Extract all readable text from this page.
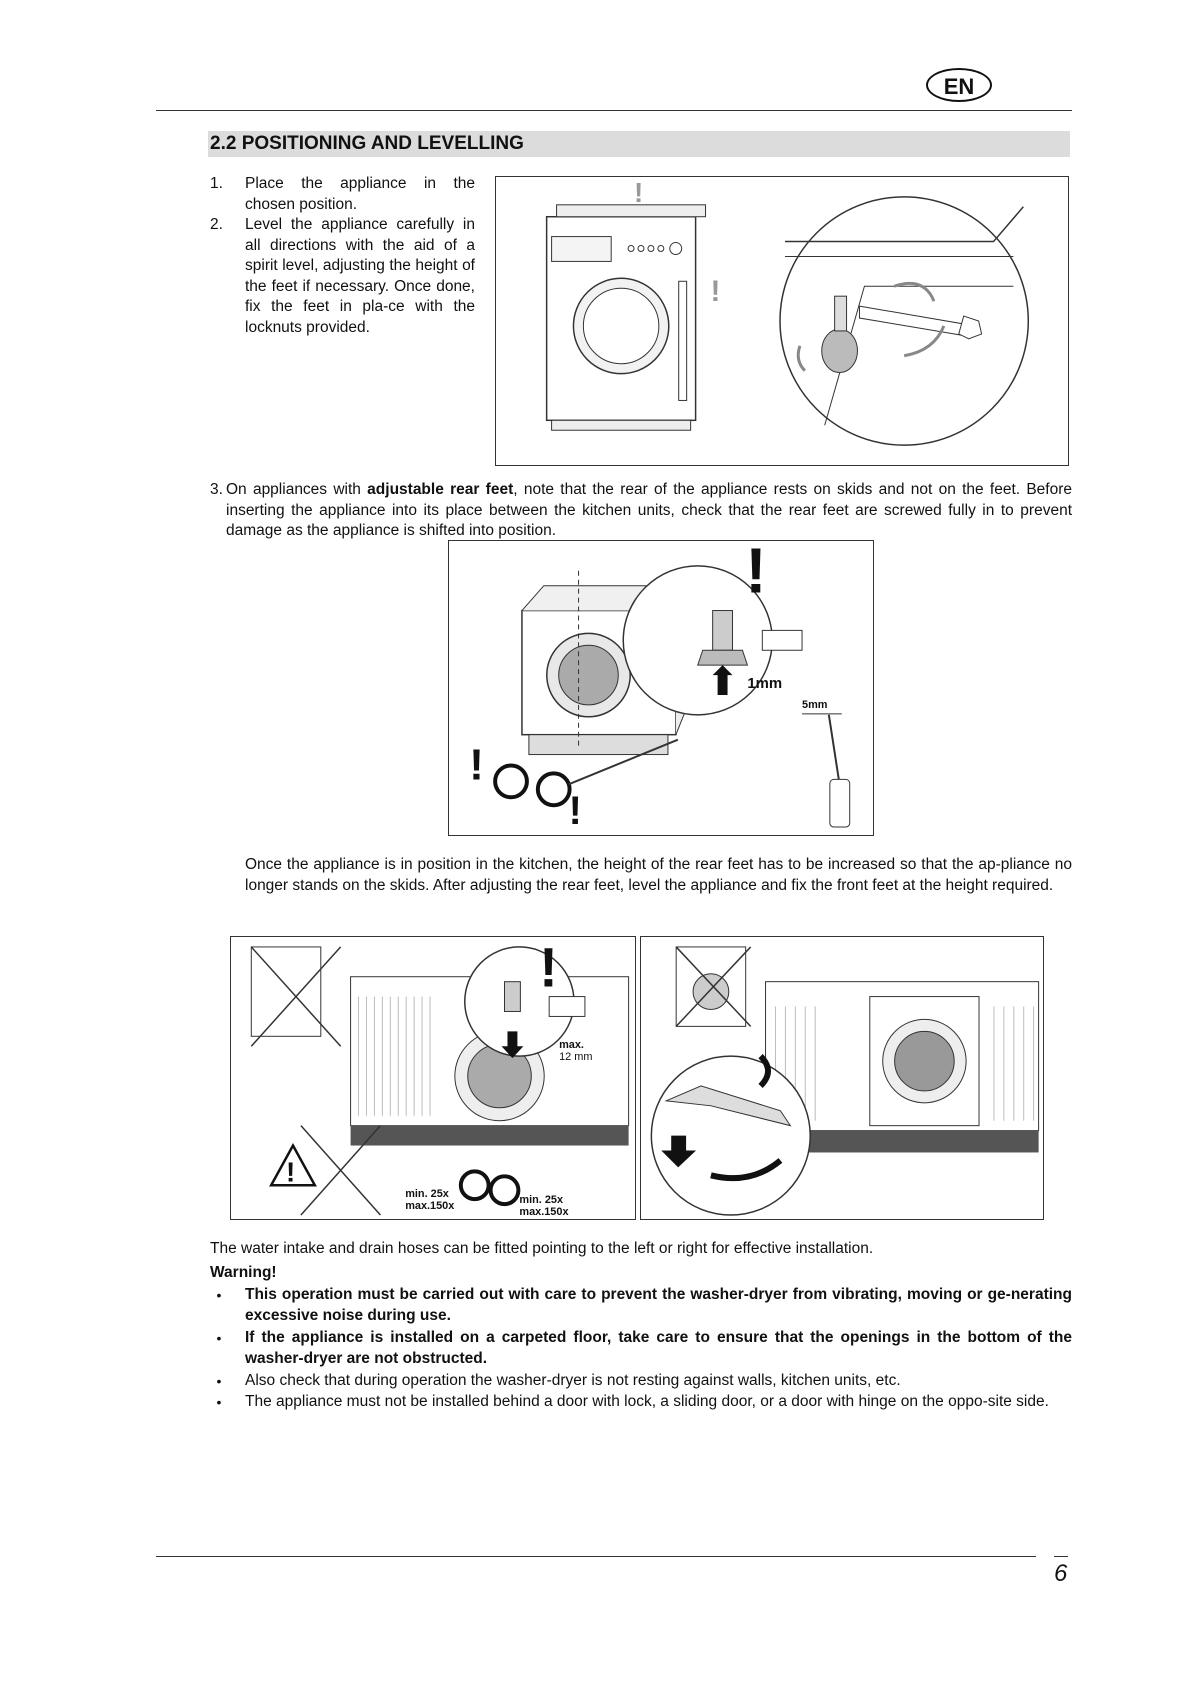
EN
2.2 POSITIONING AND LEVELLING
1.	Place the appliance in the chosen position.
2.	Level the appliance carefully in all directions with the aid of a spirit level, adjusting the height of the feet if necessary. Once done, fix the feet in pla-ce with the locknuts provided.
!
!
3. On appliances with adjustable rear feet, note that the rear of the appliance rests on skids and not on the feet. Before inserting the appliance into its place between the kitchen units, check that the rear feet are screwed fully in to prevent damage as the appliance is shifted into position.
!
1mm
5mm
!
!
Once the appliance is in position in the kitchen, the height of the rear feet has to be increased so that the ap-pliance no longer stands on the skids. After adjusting the rear feet, level the appliance and fix the front feet at the height required.
!
max.
12 mm
!
min. 25x
max.150x	min. 25x
max.150x
The water intake and drain hoses can be fitted pointing to the left or right for effective installation.
Warning!
•	This operation must be carried out with care to prevent the washer-dryer from vibrating, moving or ge-nerating excessive noise during use.
•	If the appliance is installed on a carpeted floor, take care to ensure that the openings in the bottom of the washer-dryer are not obstructed.
•	Also check that during operation the washer-dryer is not resting against walls, kitchen units, etc.
•	The appliance must not be installed behind a door with lock, a sliding door, or a door with hinge on the oppo-site side.
6
